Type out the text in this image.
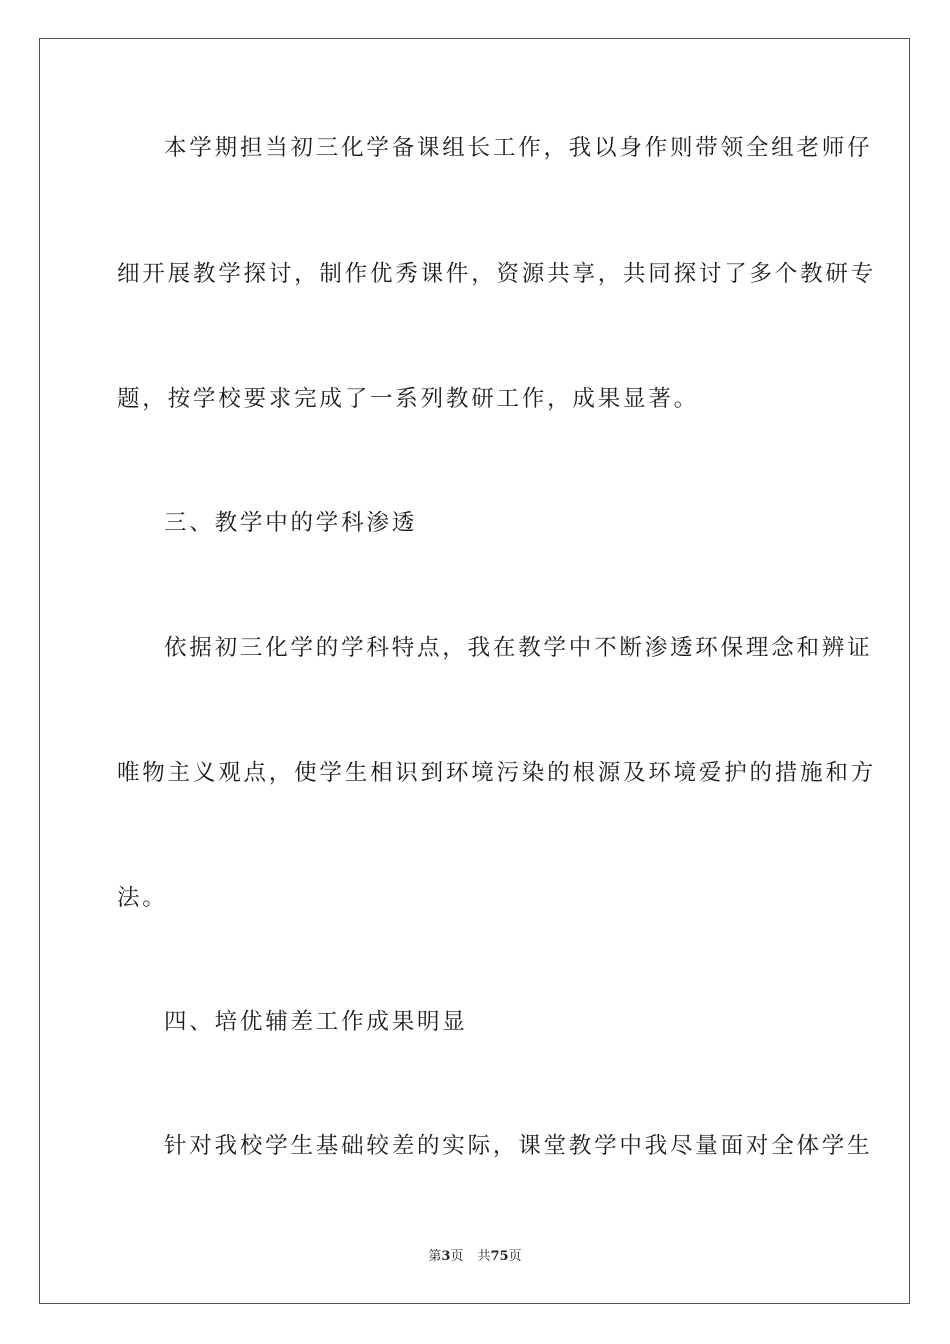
本学期担当初三化学备课组长工作，我以身作则带领全组老师仔
细开展教学探讨，制作优秀课件，资源共享，共同探讨了多个教研专
题，按学校要求完成了一系列教研工作，成果显著。
三、教学中的学科渗透
依据初三化学的学科特点，我在教学中不断渗透环保理念和辨证
唯物主义观点，使学生相识到环境污染的根源及环境爱护的措施和方
法。
四、培优辅差工作成果明显
针对我校学生基础较差的实际，课堂教学中我尽量面对全体学生
第3页 共75页
